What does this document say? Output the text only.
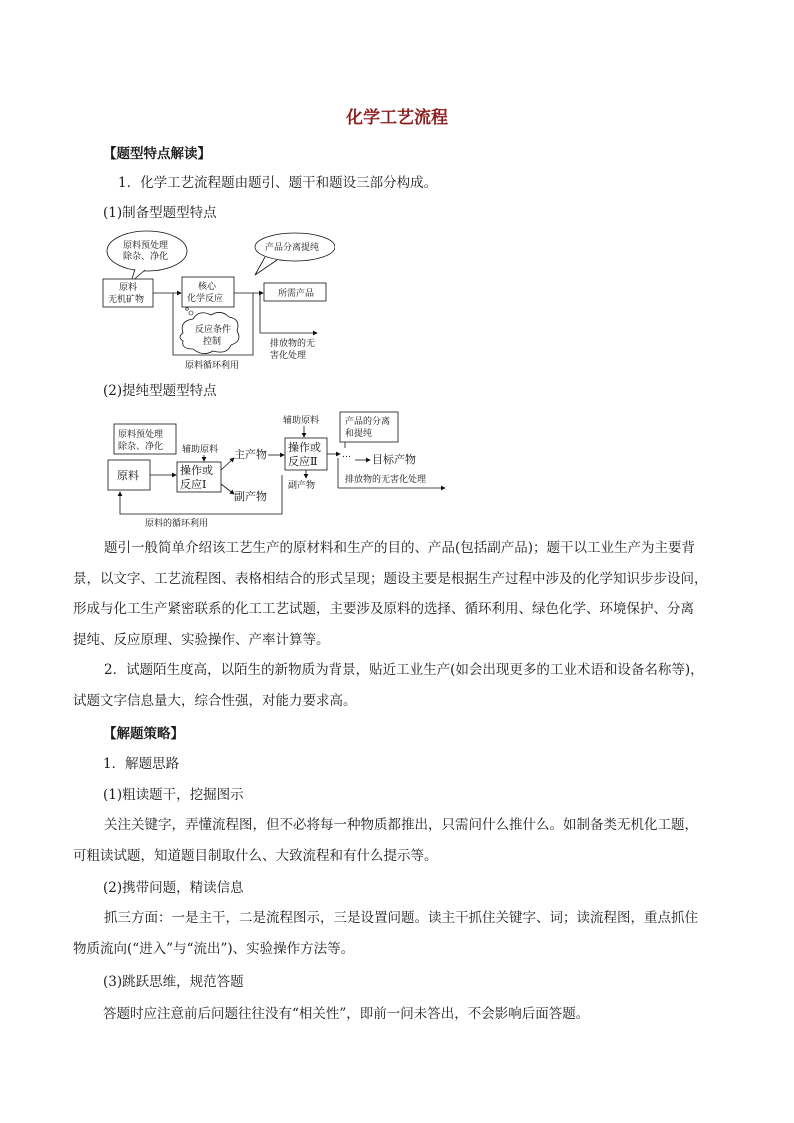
化学工艺流程
【题型特点解读】
1．化学工艺流程题由题引、题干和题设三部分构成。
(1)制备型题型特点
原料预处理
除杂、净化
产品分离提纯
原料
无机矿物
核心
化学反应
反应条件
控制
所需产品
排放物的无
害化处理
原料循环利用
(2)提纯型题型特点
原料预处理
除杂、净化
原料
辅助原料
操作或
反应Ⅰ
主产物
副产物
辅助原料
操作或
反应Ⅱ
副产物
…
产品的分离
和提纯
目标产物
排放物的无害化处理
原料的循环利用
题引一般简单介绍该工艺生产的原材料和生产的目的、产品(包括副产品)；题干以工业生产为主要背
景，以文字、工艺流程图、表格相结合的形式呈现；题设主要是根据生产过程中涉及的化学知识步步设问，
形成与化工生产紧密联系的化工工艺试题，主要涉及原料的选择、循环利用、绿色化学、环境保护、分离
提纯、反应原理、实验操作、产率计算等。
2．试题陌生度高，以陌生的新物质为背景，贴近工业生产(如会出现更多的工业术语和设备名称等)，
试题文字信息量大，综合性强，对能力要求高。
【解题策略】
1．解题思路
(1)粗读题干，挖掘图示
关注关键字，弄懂流程图，但不必将每一种物质都推出，只需问什么推什么。如制备类无机化工题，
可粗读试题，知道题目制取什么、大致流程和有什么提示等。
(2)携带问题，精读信息
抓三方面：一是主干，二是流程图示，三是设置问题。读主干抓住关键字、词；读流程图，重点抓住
物质流向(“进入”与“流出”)、实验操作方法等。
(3)跳跃思维，规范答题
答题时应注意前后问题往往没有“相关性”，即前一问未答出，不会影响后面答题。
